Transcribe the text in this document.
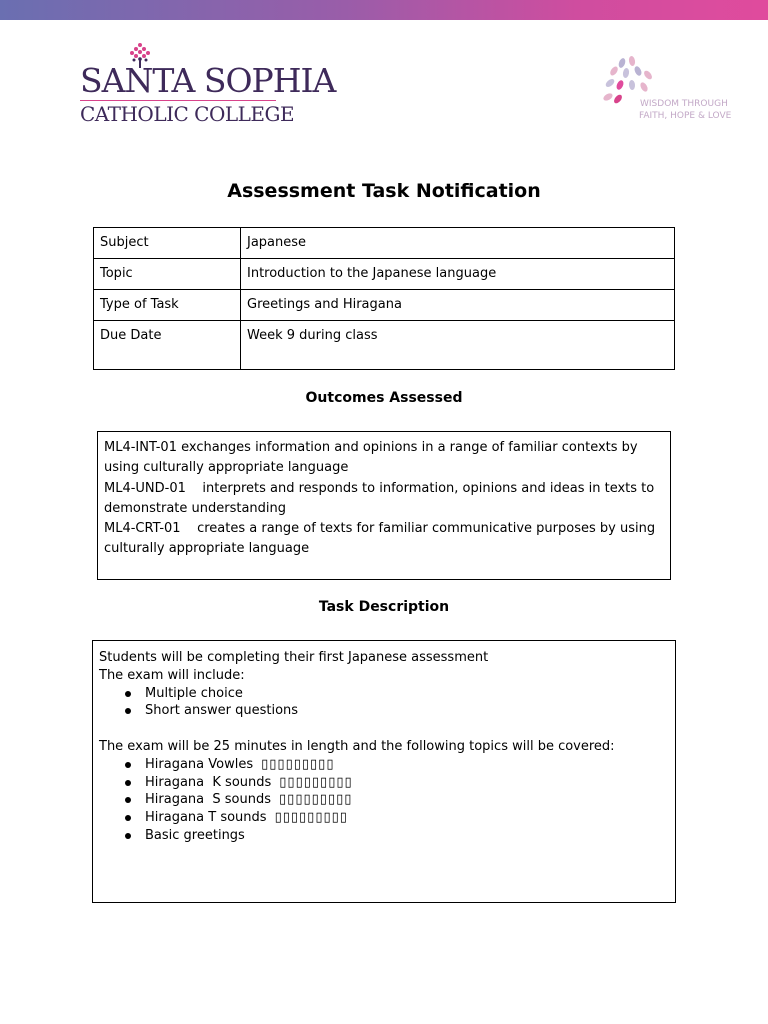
SANTA SOPHIA
CATHOLIC COLLEGE	WISDOM THROUGH
FAITH, HOPE & LOVE
Assessment Task Notification
Subject	Japanese
Topic	Introduction to the Japanese language
Type of Task	Greetings and Hiragana
Due Date	Week 9 during class
Outcomes Assessed
ML4-INT-01 exchanges information and opinions in a range of familiar contexts by using culturally appropriate language
ML4-UND-01    interprets and responds to information, opinions and ideas in texts to demonstrate understanding
ML4-CRT-01    creates a range of texts for familiar communicative purposes by using culturally appropriate language
Task Description

Students will be completing their first Japanese assessment

The exam will include:

Multiple choice
Short answer questions

The exam will be 25 minutes in length and the following topics will be covered:

Hiragana Vowles ▯▯▯▯▯▯▯▯▯
Hiragana  K sounds ▯▯▯▯▯▯▯▯▯
Hiragana  S sounds ▯▯▯▯▯▯▯▯▯
Hiragana T sounds ▯▯▯▯▯▯▯▯▯
Basic greetings
